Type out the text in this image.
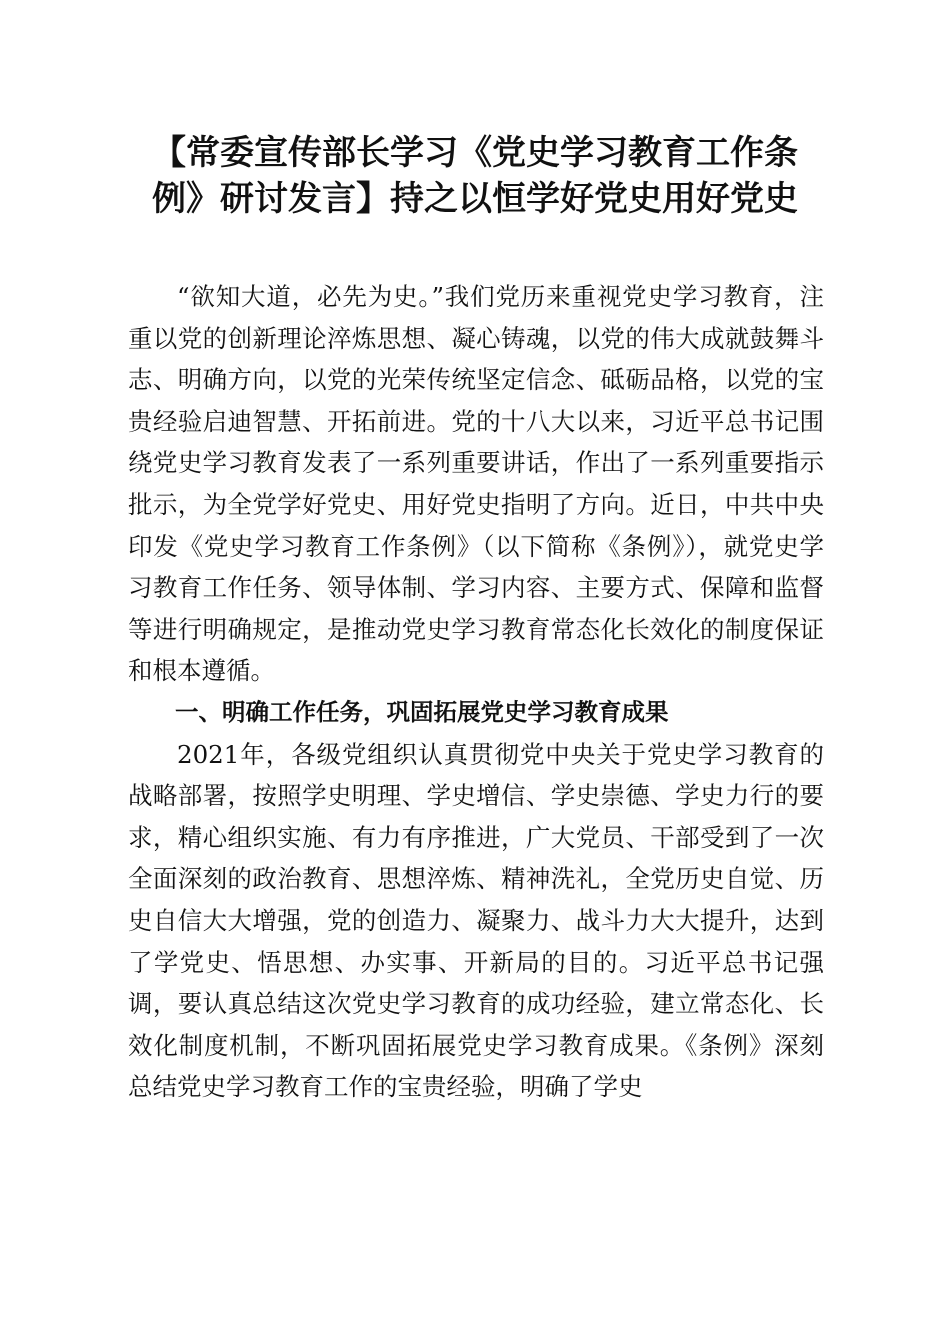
【常委宣传部长学习《党史学习教育工作条例》研讨发言】持之以恒学好党史用好党史

“欲知大道，必先为史。”我们党历来重视党史学习教育，注重以党的创新理论淬炼思想、凝心铸魂，以党的伟大成就鼓舞斗志、明确方向，以党的光荣传统坚定信念、砥砺品格，以党的宝贵经验启迪智慧、开拓前进。党的十八大以来，习近平总书记围绕党史学习教育发表了一系列重要讲话，作出了一系列重要指示批示，为全党学好党史、用好党史指明了方向。近日，中共中央印发《党史学习教育工作条例》（以下简称《条例》），就党史学习教育工作任务、领导体制、学习内容、主要方式、保障和监督等进行明确规定，是推动党史学习教育常态化长效化的制度保证和根本遵循。

一、明确工作任务，巩固拓展党史学习教育成果

2021年，各级党组织认真贯彻党中央关于党史学习教育的战略部署，按照学史明理、学史增信、学史崇德、学史力行的要求，精心组织实施、有力有序推进，广大党员、干部受到了一次全面深刻的政治教育、思想淬炼、精神洗礼，全党历史自觉、历史自信大大增强，党的创造力、凝聚力、战斗力大大提升，达到了学党史、悟思想、办实事、开新局的目的。习近平总书记强调，要认真总结这次党史学习教育的成功经验，建立常态化、长效化制度机制，不断巩固拓展党史学习教育成果。《条例》深刻总结党史学习教育工作的宝贵经验，明确了学史
